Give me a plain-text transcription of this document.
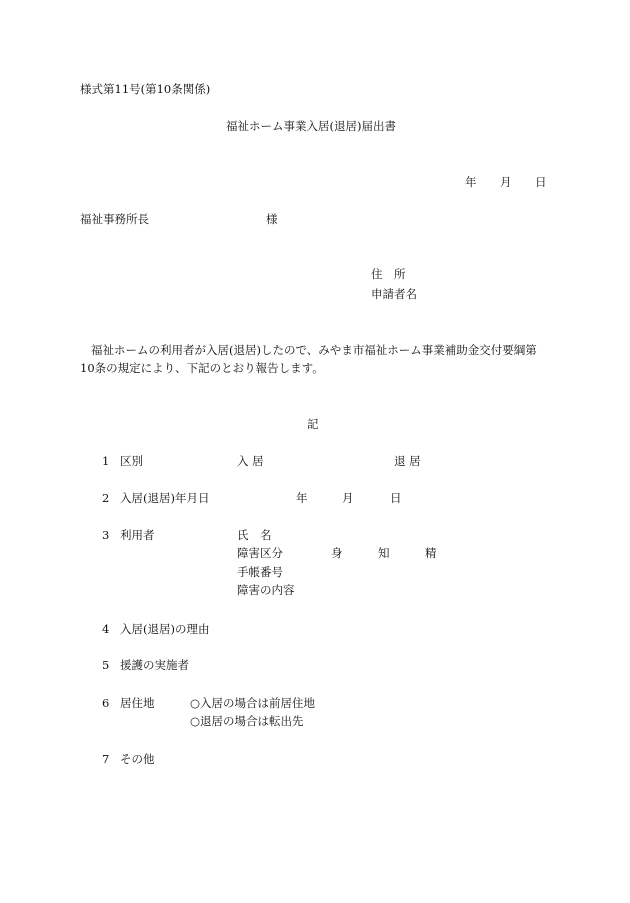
様式第11号(第10条関係)
福祉ホーム事業入居(退居)届出書
年 月 日
福祉事務所長	様
住　所
申請者名
福祉ホームの利用者が入居(退居)したので、みやま市福祉ホーム事業補助金交付要綱第
10条の規定により、下記のとおり報告します。
記
1 区別	入 居	退 居
2 入居(退居)年月日	年	月	日
3 利用者	氏　名
障害区分	身	知	精
手帳番号
障害の内容
4 入居(退居)の理由
5 援護の実施者
6 居住地	○入居の場合は前居住地
○退居の場合は転出先
7 その他
